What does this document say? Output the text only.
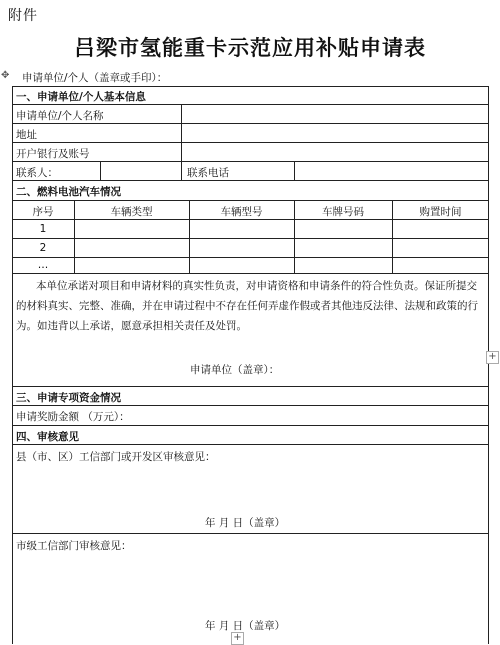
附件
吕梁市氢能重卡示范应用补贴申请表
✥ 申请单位/个人（盖章或手印）：
一、申请单位/个人基本信息
申请单位/个人名称
地址
开户银行及账号
联系人：	联系电话
二、燃料电池汽车情况
序号	车辆类型	车辆型号	车牌号码	购置时间
1
2
…
本单位承诺对项目和申请材料的真实性负责，对申请资格和申请条件的符合性负责。保证所提交的材料真实、完整、准确，并在申请过程中不存在任何弄虚作假或者其他违反法律、法规和政策的行为。如违背以上承诺，愿意承担相关责任及处罚。
申请单位（盖章）：
三、申请专项资金情况
申请奖励金额 （万元）：
四、审核意见
县（市、区）工信部门或开发区审核意见：
年 月 日（盖章）
市级工信部门审核意见：
年 月 日（盖章）
+
+
